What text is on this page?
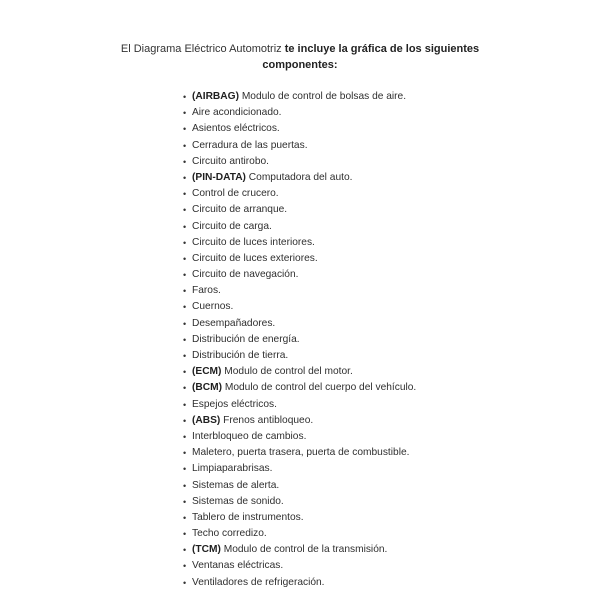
El Diagrama Eléctrico Automotriz te incluye la gráfica de los siguientes
componentes:
• (AIRBAG) Modulo de control de bolsas de aire.
• Aire acondicionado.
• Asientos eléctricos.
• Cerradura de las puertas.
• Circuito antirobo.
• (PIN-DATA) Computadora del auto.
• Control de crucero.
• Circuito de arranque.
• Circuito de carga.
• Circuito de luces interiores.
• Circuito de luces exteriores.
• Circuito de navegación.
• Faros.
• Cuernos.
• Desempañadores.
• Distribución de energía.
• Distribución de tierra.
• (ECM) Modulo de control del motor.
• (BCM) Modulo de control del cuerpo del vehículo.
• Espejos eléctricos.
• (ABS) Frenos antibloqueo.
• Interbloqueo de cambios.
• Maletero, puerta trasera, puerta de combustible.
• Limpiaparabrisas.
• Sistemas de alerta.
• Sistemas de sonido.
• Tablero de instrumentos.
• Techo corredizo.
• (TCM) Modulo de control de la transmisión.
• Ventanas eléctricas.
• Ventiladores de refrigeración.
